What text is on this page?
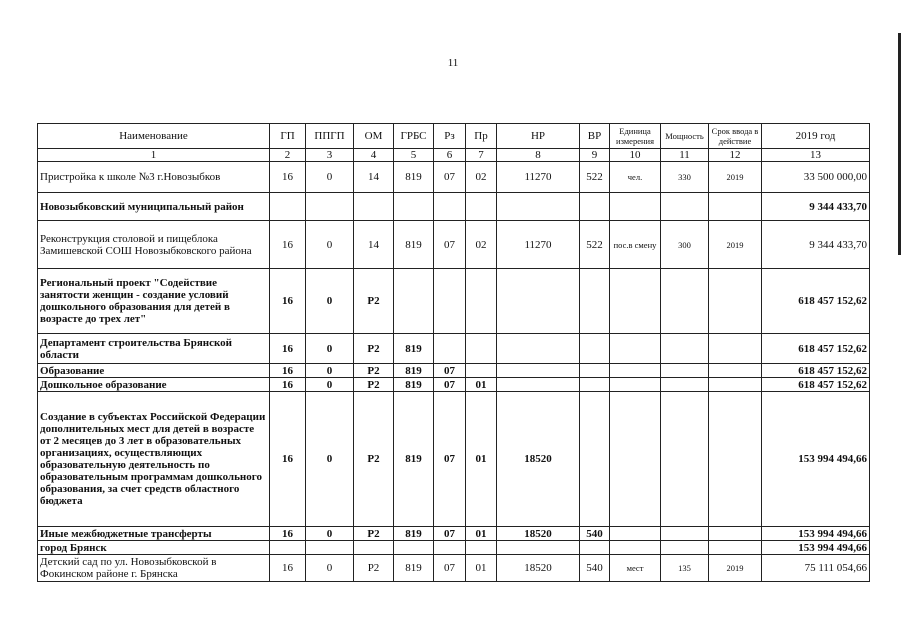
11
Наименование	ГП	ППГП	ОМ	ГРБС	Рз	Пр	НР	ВР	Единица измерения	Мощность	Срок ввода в действие	2019 год
1	2	3	4	5	6	7	8	9	10	11	12	13
Пристройка к школе №3 г.Новозыбков	16	0	14	819	07	02	11270	522	чел.	330	2019	33 500 000,00
Новозыбковский муниципальный район												9 344 433,70
Реконструкция столовой и пищеблока Замишевской СОШ Новозыбковского района	16	0	14	819	07	02	11270	522	пос.в смену	300	2019	9 344 433,70
Региональный проект "Содействие занятости женщин - создание условий дошкольного образования для детей в возрасте до трех лет"	16	0	Р2									618 457 152,62
Департамент строительства Брянской области	16	0	Р2	819								618 457 152,62
Образование	16	0	Р2	819	07							618 457 152,62
Дошкольное образование	16	0	Р2	819	07	01						618 457 152,62
Создание в субъектах Российской Федерации дополнительных мест для детей в возрасте от 2 месяцев до 3 лет в образовательных организациях, осуществляющих образовательную деятельность по образовательным программам дошкольного образования, за счет средств областного бюджета	16	0	Р2	819	07	01	18520					153 994 494,66
Иные межбюджетные трансферты	16	0	Р2	819	07	01	18520	540				153 994 494,66
город Брянск												153 994 494,66
Детский сад по ул. Новозыбковской в Фокинском районе г. Брянска	16	0	Р2	819	07	01	18520	540	мест	135	2019	75 111 054,66
